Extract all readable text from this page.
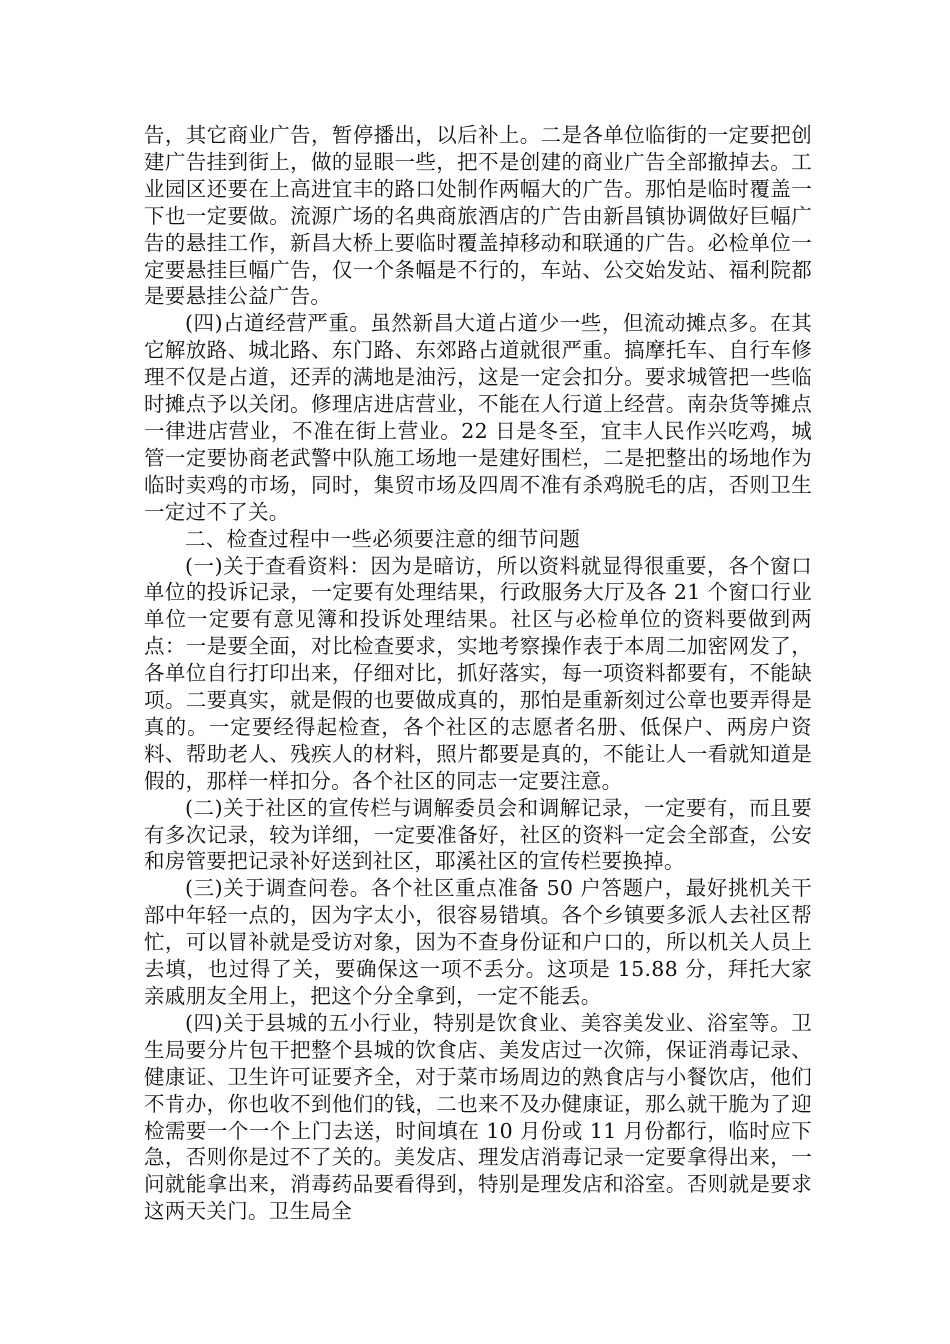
告，其它商业广告，暂停播出，以后补上。二是各单位临街的一定要把创建广告挂到街上，做的显眼一些，把不是创建的商业广告全部撤掉去。工业园区还要在上高进宜丰的路口处制作两幅大的广告。那怕是临时覆盖一下也一定要做。流源广场的名典商旅酒店的广告由新昌镇协调做好巨幅广告的悬挂工作，新昌大桥上要临时覆盖掉移动和联通的广告。必检单位一定要悬挂巨幅广告，仅一个条幅是不行的，车站、公交始发站、福利院都是要悬挂公益广告。

(四)占道经营严重。虽然新昌大道占道少一些，但流动摊点多。在其它解放路、城北路、东门路、东郊路占道就很严重。搞摩托车、自行车修理不仅是占道，还弄的满地是油污，这是一定会扣分。要求城管把一些临时摊点予以关闭。修理店进店营业，不能在人行道上经营。南杂货等摊点一律进店营业，不准在街上营业。22 日是冬至，宜丰人民作兴吃鸡，城管一定要协商老武警中队施工场地一是建好围栏，二是把整出的场地作为临时卖鸡的市场，同时，集贸市场及四周不准有杀鸡脱毛的店，否则卫生一定过不了关。

二、检查过程中一些必须要注意的细节问题

(一)关于查看资料：因为是暗访，所以资料就显得很重要，各个窗口单位的投诉记录，一定要有处理结果，行政服务大厅及各 21 个窗口行业单位一定要有意见簿和投诉处理结果。社区与必检单位的资料要做到两点：一是要全面，对比检查要求，实地考察操作表于本周二加密网发了，各单位自行打印出来，仔细对比，抓好落实，每一项资料都要有，不能缺项。二要真实，就是假的也要做成真的，那怕是重新刻过公章也要弄得是真的。一定要经得起检查，各个社区的志愿者名册、低保户、两房户资料、帮助老人、残疾人的材料，照片都要是真的，不能让人一看就知道是假的，那样一样扣分。各个社区的同志一定要注意。

(二)关于社区的宣传栏与调解委员会和调解记录，一定要有，而且要有多次记录，较为详细，一定要准备好，社区的资料一定会全部查，公安和房管要把记录补好送到社区，耶溪社区的宣传栏要换掉。

(三)关于调查问卷。各个社区重点准备 50 户答题户，最好挑机关干部中年轻一点的，因为字太小，很容易错填。各个乡镇要多派人去社区帮忙，可以冒补就是受访对象，因为不查身份证和户口的，所以机关人员上去填，也过得了关，要确保这一项不丢分。这项是 15.88 分，拜托大家亲戚朋友全用上，把这个分全拿到，一定不能丢。

(四)关于县城的五小行业，特别是饮食业、美容美发业、浴室等。卫生局要分片包干把整个县城的饮食店、美发店过一次筛，保证消毒记录、健康证、卫生许可证要齐全，对于菜市场周边的熟食店与小餐饮店，他们不肯办，你也收不到他们的钱，二也来不及办健康证，那么就干脆为了迎检需要一个一个上门去送，时间填在 10 月份或 11 月份都行，临时应下急，否则你是过不了关的。美发店、理发店消毒记录一定要拿得出来，一问就能拿出来，消毒药品要看得到，特别是理发店和浴室。否则就是要求这两天关门。卫生局全
